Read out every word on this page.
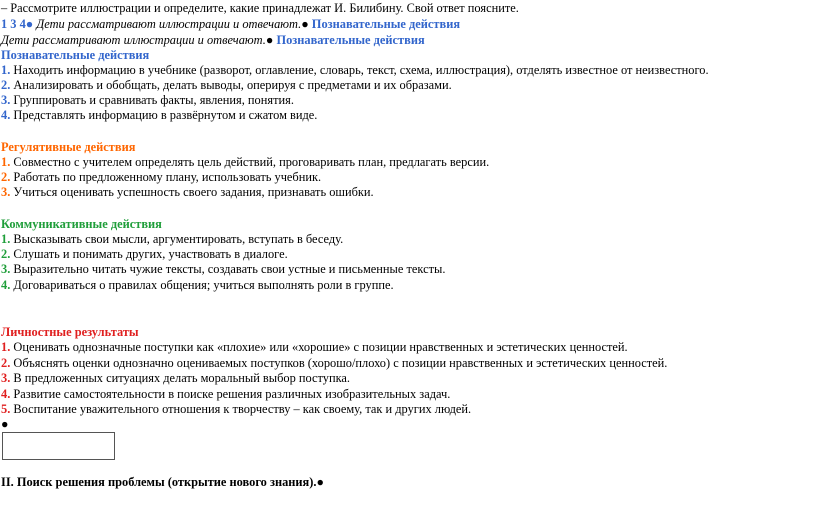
– Рассмотрите иллюстрации и определите, какие принадлежат И. Билибину. Свой ответ поясните.
1 3 4● Дети рассматривают иллюстрации и отвечают.● Познавательные действия
Дети рассматривают иллюстрации и отвечают.● Познавательные действия
Познавательные действия
1. Находить информацию в учебнике (разворот, оглавление, словарь, текст, схема, иллюстрация), отделять известное от неизвестного.
2. Анализировать и обобщать, делать выводы, оперируя с предметами и их образами.
3. Группировать и сравнивать факты, явления, понятия.
4. Представлять информацию в развёрнутом и сжатом виде.
Регулятивные действия
1. Совместно с учителем определять цель действий, проговаривать план, предлагать версии.
2. Работать по предложенному плану, использовать учебник.
3. Учиться оценивать успешность своего задания, признавать ошибки.
Коммуникативные действия
1. Высказывать свои мысли, аргументировать, вступать в беседу.
2. Слушать и понимать других, участвовать в диалоге.
3. Выразительно читать чужие тексты, создавать свои устные и письменные тексты.
4. Договариваться о правилах общения; учиться выполнять роли в группе.
Личностные результаты
1. Оценивать однозначные поступки как «плохие» или «хорошие» с позиции нравственных и эстетических ценностей.
2. Объяснять оценки однозначно оцениваемых поступков (хорошо/плохо) с позиции нравственных и эстетических ценностей.
3. В предложенных ситуациях делать моральный выбор поступка.
4. Развитие самостоятельности в поиске решения различных изобразительных задач.
5. Воспитание уважительного отношения к творчеству – как своему, так и других людей.
●
II. Поиск решения проблемы (открытие нового знания).●
